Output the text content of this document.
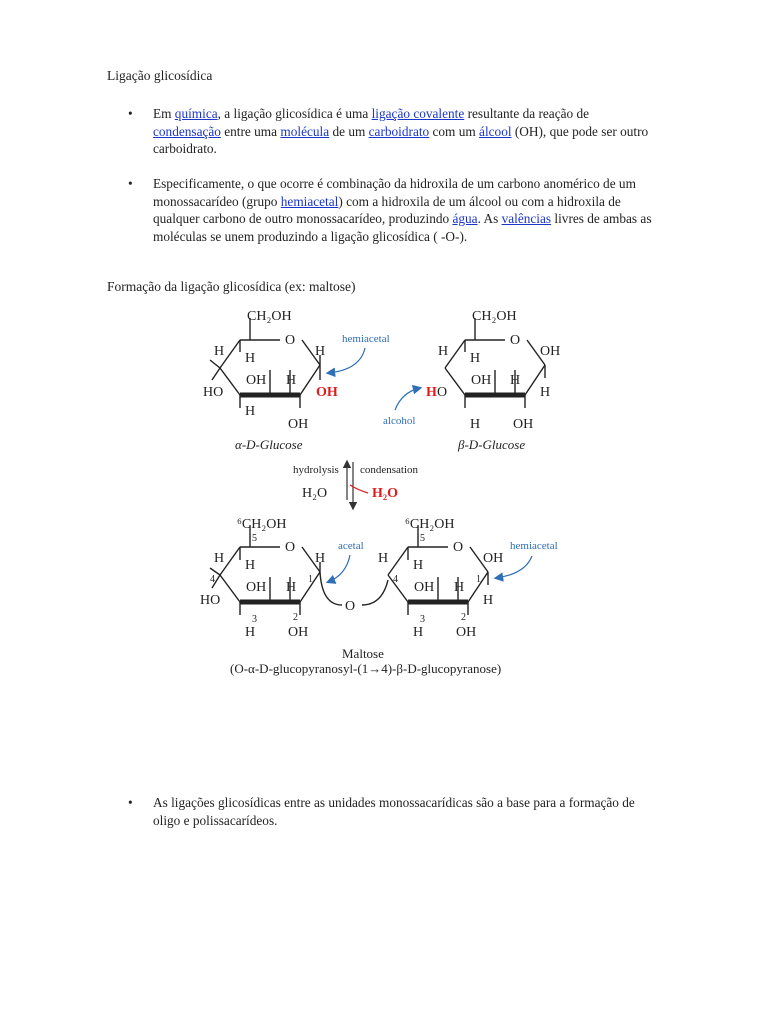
Ligação glicosídica
• Em química, a ligação glicosídica é uma ligação covalente resultante da reação de condensação entre uma molécula de um carboidrato com um álcool (OH), que pode ser outro carboidrato.
• Especificamente, o que ocorre é combinação da hidroxila de um carbono anomérico de um monossacarídeo (grupo hemiacetal) com a hidroxila de um álcool ou com a hidroxila de qualquer carbono de outro monossacarídeo, produzindo água. As valências livres de ambas as moléculas se unem produzindo a ligação glicosídica ( -O-).
Formação da ligação glicosídica (ex: maltose)
CH₂OH
O
H H	H
H
OH
HO	OH
H
OH
hemiacetal
α-D-Glucose
CH₂OH
O
H H	OH
OH H
H O	H
H OH
alcohol
β-D-Glucose
hydrolysis condensation
H₂O	H₂O
⁶CH₂OH
5
O
H H	H
4
OH H
1
HO
2
3
H OH
O
acetal
⁶CH₂OH
5
O
H H	OH
4
OH H
1
H
2
3
H OH
hemiacetal
Maltose
(O-α-D-glucopyranosyl-(1→4)-β-D-glucopyranose)
• As ligações glicosídicas entre as unidades monossacarídicas são a base para a formação de oligo e polissacarídeos.
